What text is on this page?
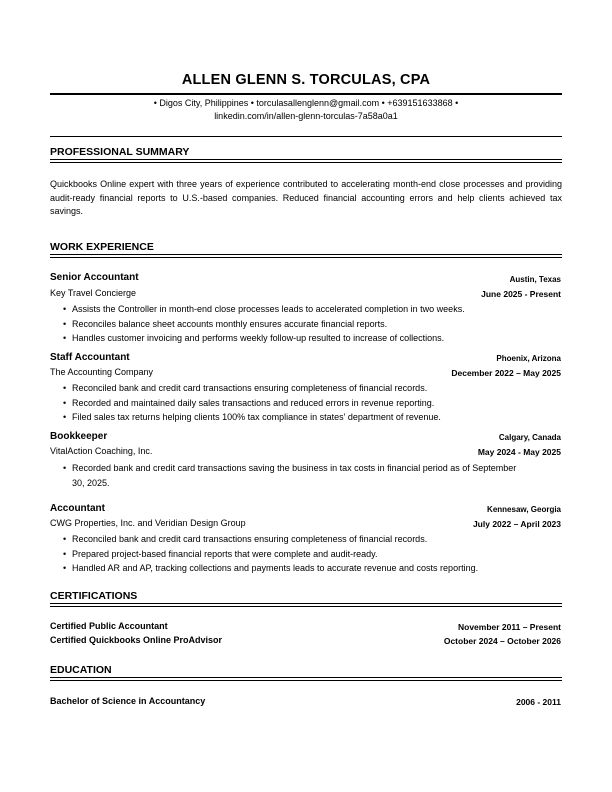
ALLEN GLENN S. TORCULAS, CPA
• Digos City, Philippines • torculasallenglenn@gmail.com • +639151633868 •
linkedin.com/in/allen-glenn-torculas-7a58a0a1
PROFESSIONAL SUMMARY
Quickbooks Online expert with three years of experience contributed to accelerating month-end close processes and providing audit-ready financial reports to U.S.-based companies. Reduced financial accounting errors and help clients achieved tax savings.
WORK EXPERIENCE
Senior Accountant	Austin, Texas
Key Travel Concierge	June 2025 - Present
• Assists the Controller in month-end close processes leads to accelerated completion in two weeks.
• Reconciles balance sheet accounts monthly ensures accurate financial reports.
• Handles customer invoicing and performs weekly follow-up resulted to increase of collections.
Staff Accountant	Phoenix, Arizona
The Accounting Company	December 2022 – May 2025
• Reconciled bank and credit card transactions ensuring completeness of financial records.
• Recorded and maintained daily sales transactions and reduced errors in revenue reporting.
• Filed sales tax returns helping clients 100% tax compliance in states' department of revenue.
Bookkeeper	Calgary, Canada
VitalAction Coaching, Inc.	May 2024 - May 2025
• Recorded bank and credit card transactions saving the business in tax costs in financial period as of September 30, 2025.
Accountant	Kennesaw, Georgia
CWG Properties, Inc. and Veridian Design Group	July 2022 – April 2023
• Reconciled bank and credit card transactions ensuring completeness of financial records.
• Prepared project-based financial reports that were complete and audit-ready.
• Handled AR and AP, tracking collections and payments leads to accurate revenue and costs reporting.
CERTIFICATIONS
Certified Public Accountant	November 2011 – Present
Certified Quickbooks Online ProAdvisor	October 2024 – October 2026
EDUCATION
Bachelor of Science in Accountancy	2006 - 2011
